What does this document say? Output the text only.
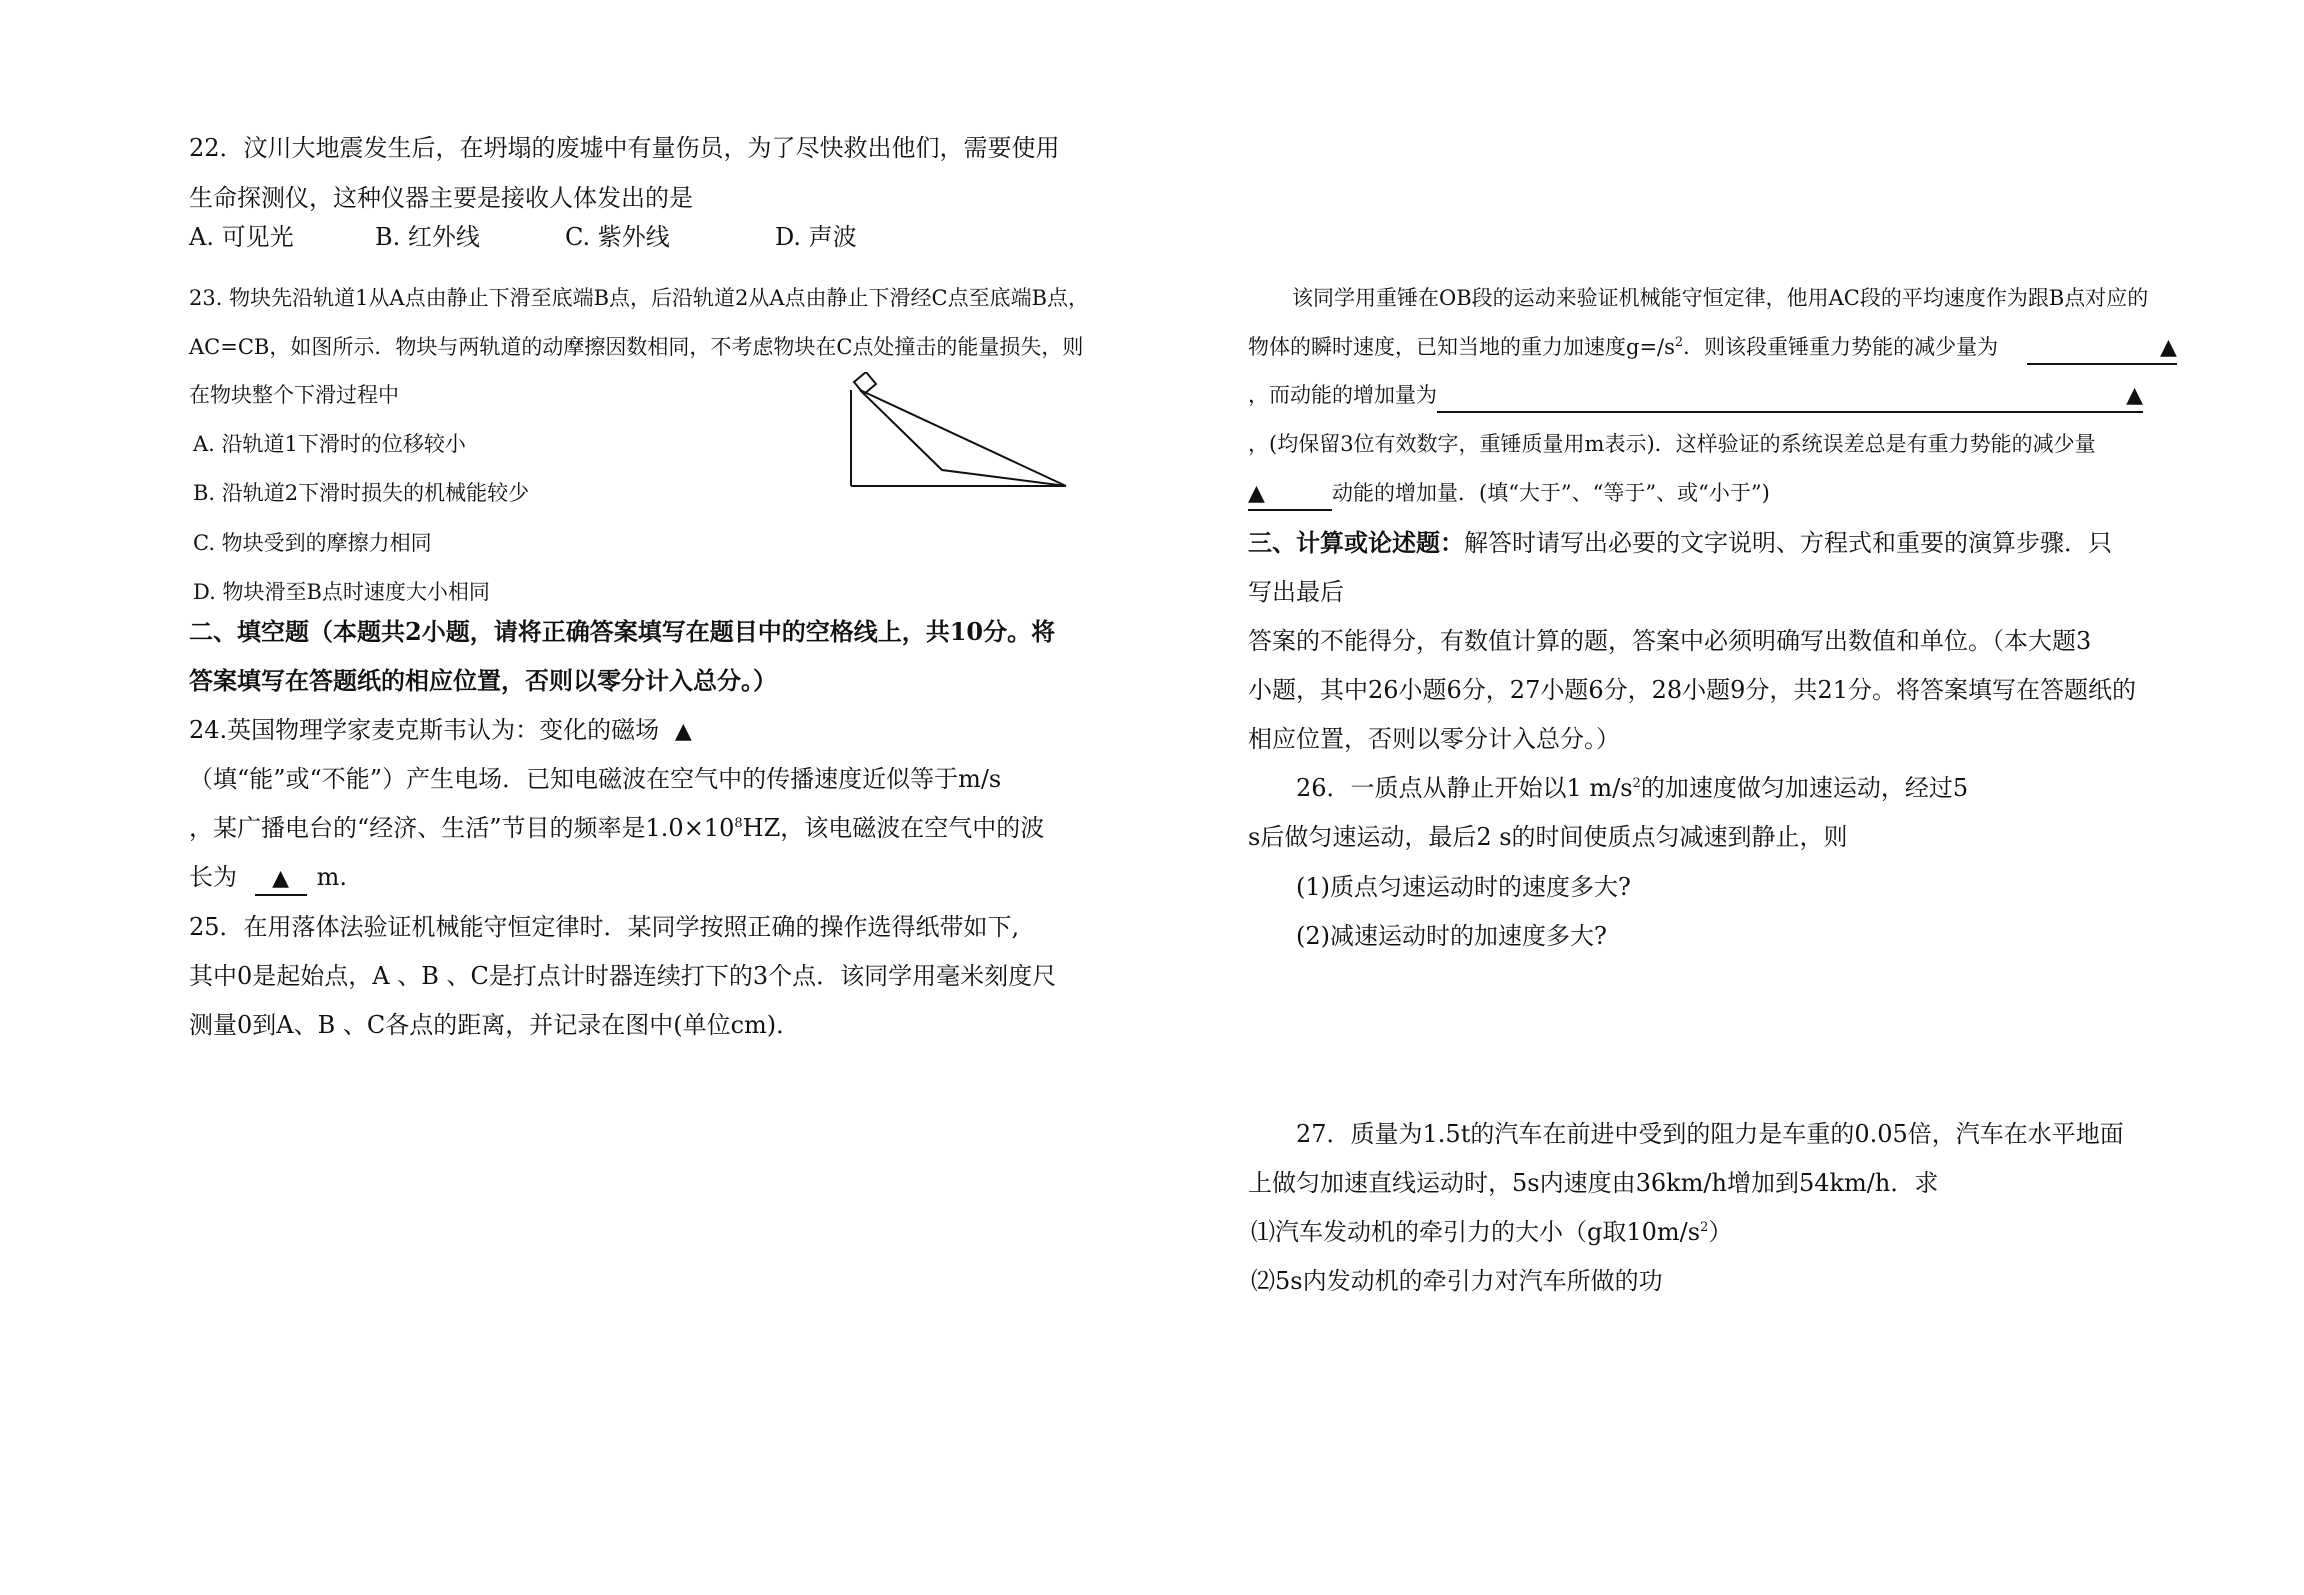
22．汶川大地震发生后，在坍塌的废墟中有量伤员，为了尽快救出他们，需要使用
生命探测仪，这种仪器主要是接收人体发出的是
A. 可见光	B. 红外线	C. 紫外线	D. 声波
23. 物块先沿轨道1从A点由静止下滑至底端B点，后沿轨道2从A点由静止下滑经C点至底端B点，
AC=CB，如图所示．物块与两轨道的动摩擦因数相同，不考虑物块在C点处撞击的能量损失，则
在物块整个下滑过程中
A. 沿轨道1下滑时的位移较小
B. 沿轨道2下滑时损失的机械能较少
C. 物块受到的摩擦力相同
D. 物块滑至B点时速度大小相同
二、填空题（本题共2小题，请将正确答案填写在题目中的空格线上，共10分。将
答案填写在答题纸的相应位置，否则以零分计入总分。）
24.英国物理学家麦克斯韦认为：变化的磁场 ▲
（填“能”或“不能”）产生电场．已知电磁波在空气中的传播速度近似等于m/s
，某广播电台的“经济、生活”节目的频率是$1.0\times 10^8HZ$，该电磁波在空气中的波
长为 ▲ m.
25．在用落体法验证机械能守恒定律时．某同学按照正确的操作选得纸带如下,
其中0是起始点，A 、B 、C是打点计时器连续打下的3个点．该同学用毫米刻度尺
测量0到A、B 、C各点的距离，并记录在图中(单位cm)．
该同学用重锤在OB段的运动来验证机械能守恒定律，他用AC段的平均速度作为跟B点对应的
物体的瞬时速度，已知当地的重力加速度$g=/s^2$．则该段重锤重力势能的减少量为	▲
，而动能的增加量为	▲
，(均保留3位有效数字，重锤质量用m表示)．这样验证的系统误差总是有重力势能的减少量
▲	动能的增加量．(填“大于”、“等于”、或“小于”)
三、计算或论述题：解答时请写出必要的文字说明、方程式和重要的演算步骤．只
写出最后
答案的不能得分，有数值计算的题，答案中必须明确写出数值和单位。（本大题3
小题，其中26小题6分，27小题6分，28小题9分，共21分。将答案填写在答题纸的
相应位置，否则以零分计入总分。）
26．一质点从静止开始以1 $m/s^2$的加速度做匀加速运动，经过5
s后做匀速运动，最后2 s的时间使质点匀减速到静止，则
(1)质点匀速运动时的速度多大?
(2)减速运动时的加速度多大?
27．质量为1.5t的汽车在前进中受到的阻力是车重的0.05倍，汽车在水平地面
上做匀加速直线运动时，5s内速度由36km/h增加到54km/h．求
⑴汽车发动机的牵引力的大小（g取$10m/s^2$）
⑵5s内发动机的牵引力对汽车所做的功
